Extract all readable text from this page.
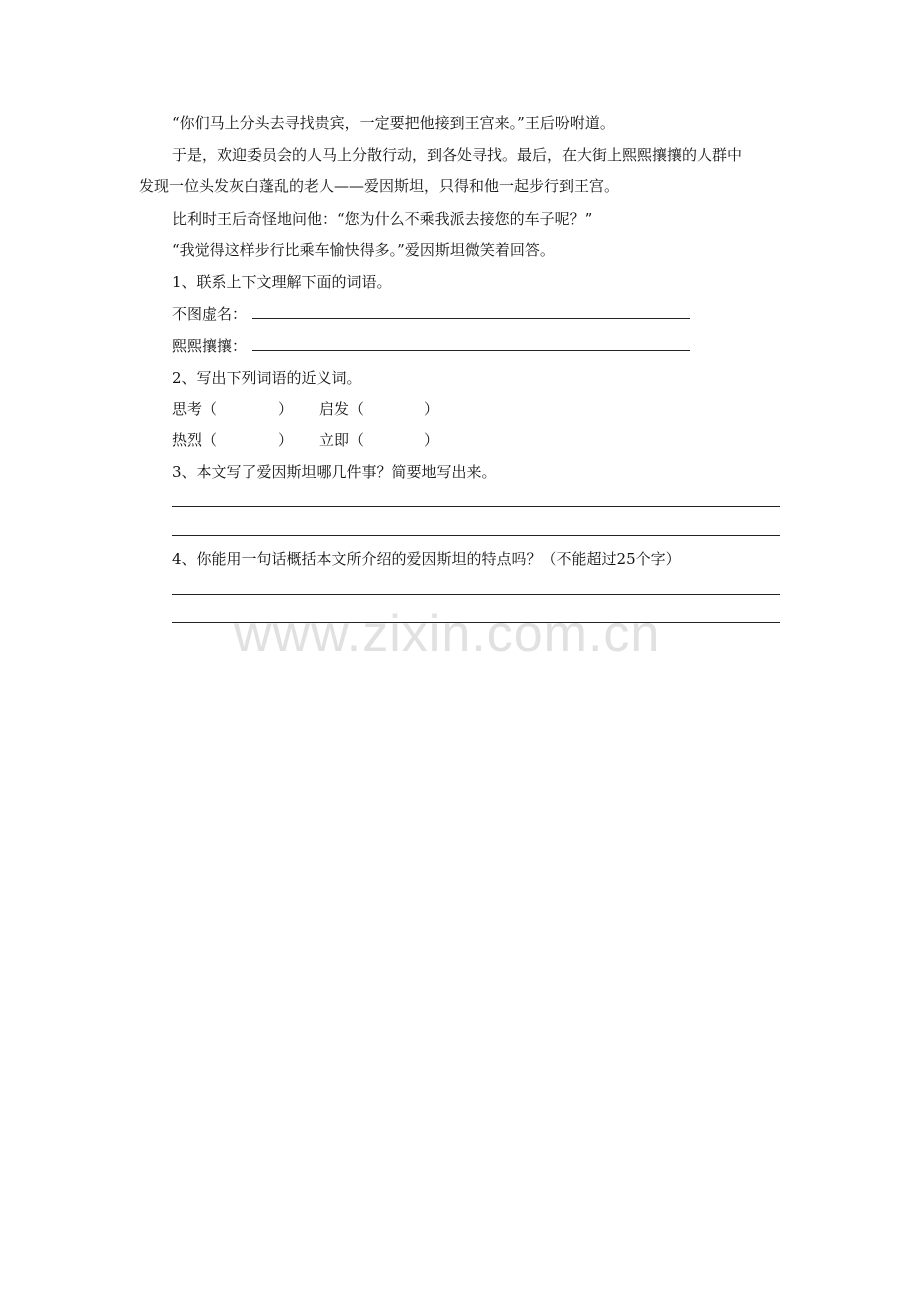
“你们马上分头去寻找贵宾，一定要把他接到王宫来。”王后吩咐道。
于是，欢迎委员会的人马上分散行动，到各处寻找。最后，在大街上熙熙攘攘的人群中
发现一位头发灰白蓬乱的老人——爱因斯坦，只得和他一起步行到王宫。
比利时王后奇怪地问他：“您为什么不乘我派去接您的车子呢？”
“我觉得这样步行比乘车愉快得多。”爱因斯坦微笑着回答。
1、联系上下文理解下面的词语。
不图虚名：
熙熙攘攘：
2、写出下列词语的近义词。
思考（	） 启发（	）
热烈（	） 立即（	）
3、本文写了爱因斯坦哪几件事？简要地写出来。
4、你能用一句话概括本文所介绍的爱因斯坦的特点吗？（不能超过25个字）
www.zixin.com.cn
